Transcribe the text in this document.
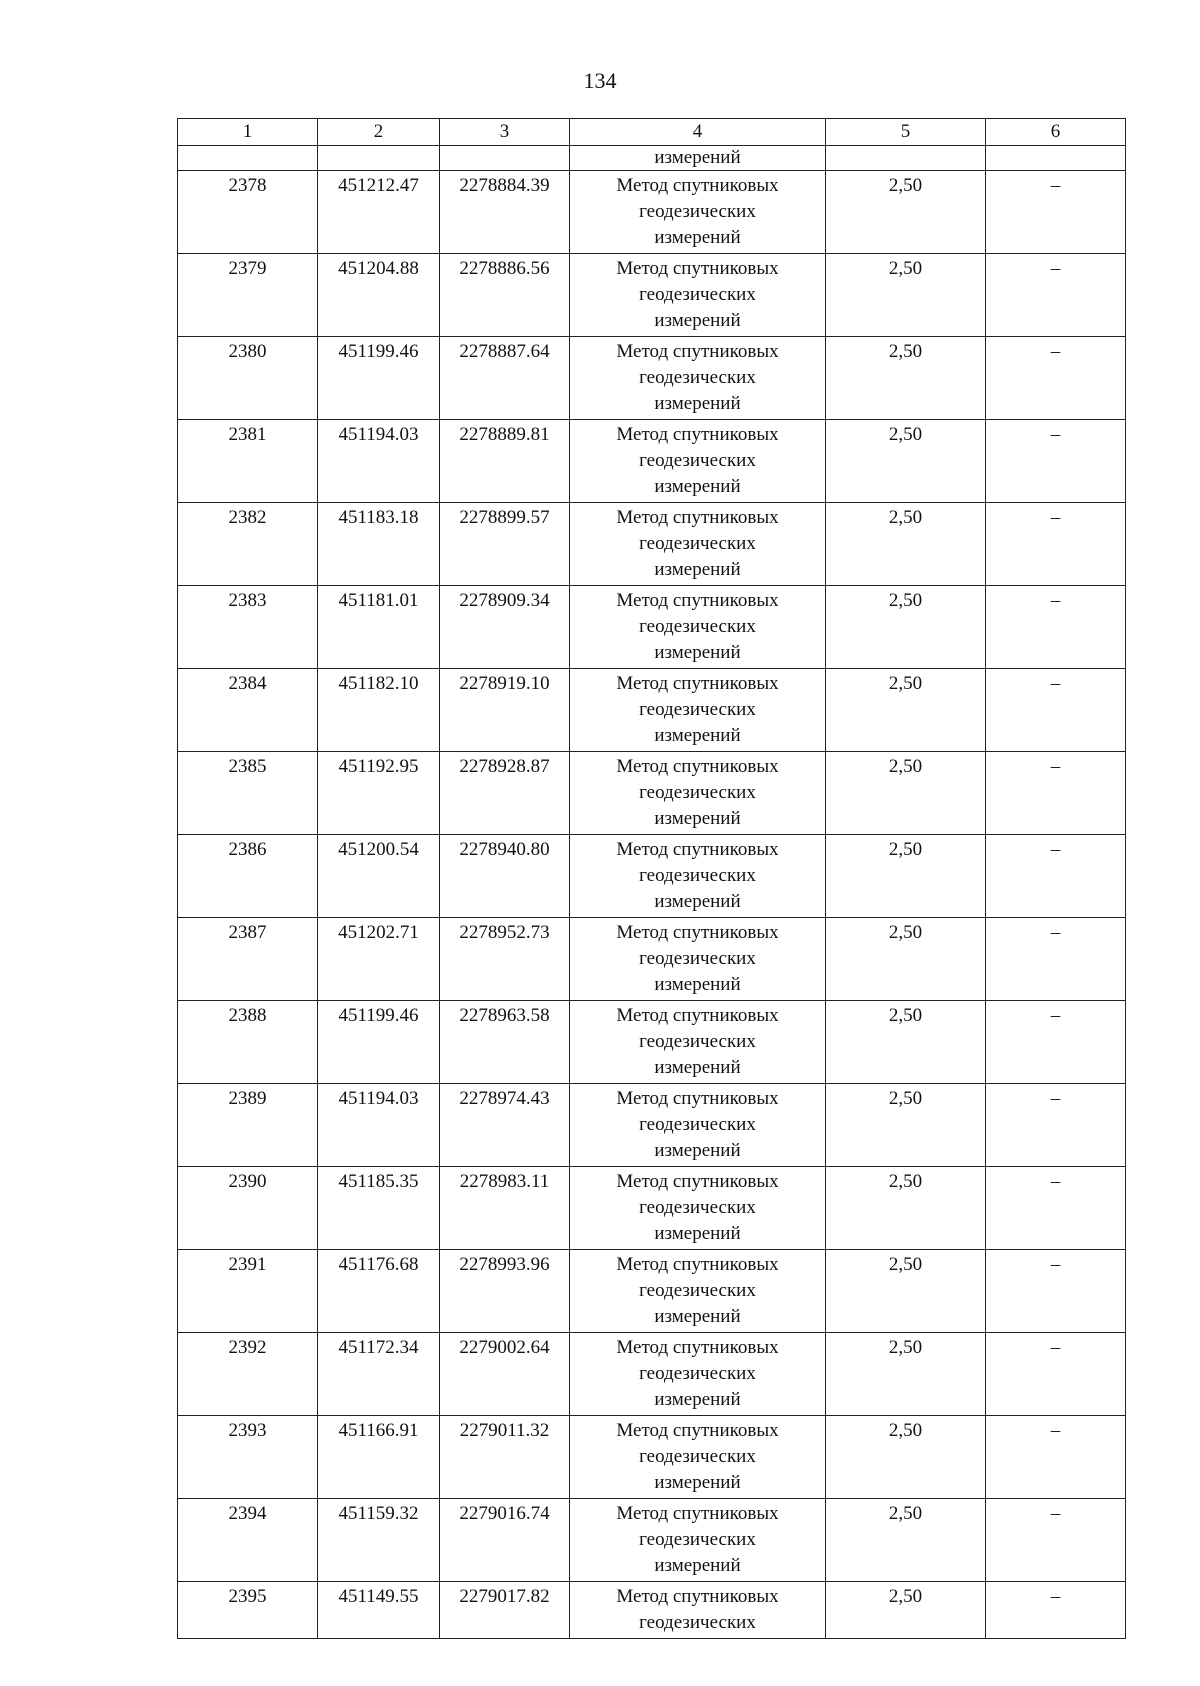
134
1	2	3	4	5	6
			измерений		
2378	451212.47	2278884.39	Метод спутниковых
геодезических
измерений	2,50	–
2379	451204.88	2278886.56	Метод спутниковых
геодезических
измерений	2,50	–
2380	451199.46	2278887.64	Метод спутниковых
геодезических
измерений	2,50	–
2381	451194.03	2278889.81	Метод спутниковых
геодезических
измерений	2,50	–
2382	451183.18	2278899.57	Метод спутниковых
геодезических
измерений	2,50	–
2383	451181.01	2278909.34	Метод спутниковых
геодезических
измерений	2,50	–
2384	451182.10	2278919.10	Метод спутниковых
геодезических
измерений	2,50	–
2385	451192.95	2278928.87	Метод спутниковых
геодезических
измерений	2,50	–
2386	451200.54	2278940.80	Метод спутниковых
геодезических
измерений	2,50	–
2387	451202.71	2278952.73	Метод спутниковых
геодезических
измерений	2,50	–
2388	451199.46	2278963.58	Метод спутниковых
геодезических
измерений	2,50	–
2389	451194.03	2278974.43	Метод спутниковых
геодезических
измерений	2,50	–
2390	451185.35	2278983.11	Метод спутниковых
геодезических
измерений	2,50	–
2391	451176.68	2278993.96	Метод спутниковых
геодезических
измерений	2,50	–
2392	451172.34	2279002.64	Метод спутниковых
геодезических
измерений	2,50	–
2393	451166.91	2279011.32	Метод спутниковых
геодезических
измерений	2,50	–
2394	451159.32	2279016.74	Метод спутниковых
геодезических
измерений	2,50	–
2395	451149.55	2279017.82	Метод спутниковых
геодезических	2,50	–
